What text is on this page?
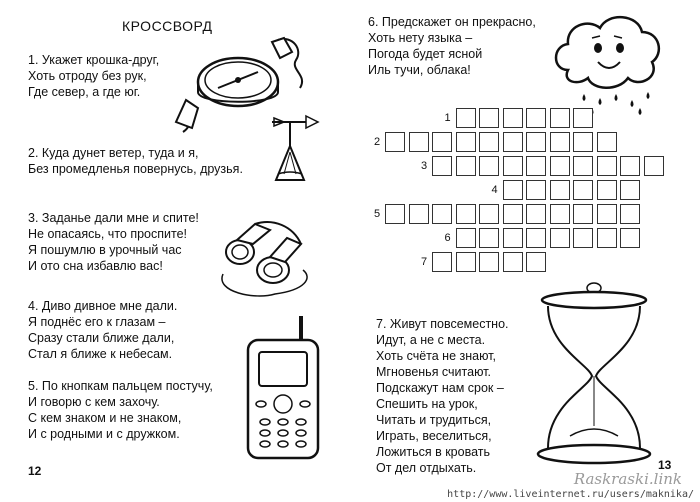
КРОССВОРД
1. Укажет крошка-друг,
Хоть отроду без рук,
Где север, а где юг.
2. Куда дунет ветер, туда и я,
Без промедленья повернусь, друзья.
3. Заданье дали мне и спите!
Не опасаясь, что проспите!
Я пошумлю в урочный час
И ото сна избавлю вас!
4. Диво дивное мне дали.
Я поднёс его к глазам –
Сразу стали ближе дали,
Стал я ближе к небесам.
5. По кнопкам пальцем постучу,
И говорю с кем захочу.
С кем знаком и не знаком,
И с родными и с дружком.
6. Предскажет он прекрасно,
Хоть нету языка –
Погода будет ясной
Иль тучи, облака!
7. Живут повсеместно.
Идут, а не с места.
Хоть счёта не знают,
Мгновенья считают.
Подскажут нам срок –
Спешить на урок,
Читать и трудиться,
Играть, веселиться,
Ложиться в кровать
От дел отдыхать.
1
2
3
4
5
6
7
12	13
Raskraski.link
http://www.liveinternet.ru/users/maknika/
